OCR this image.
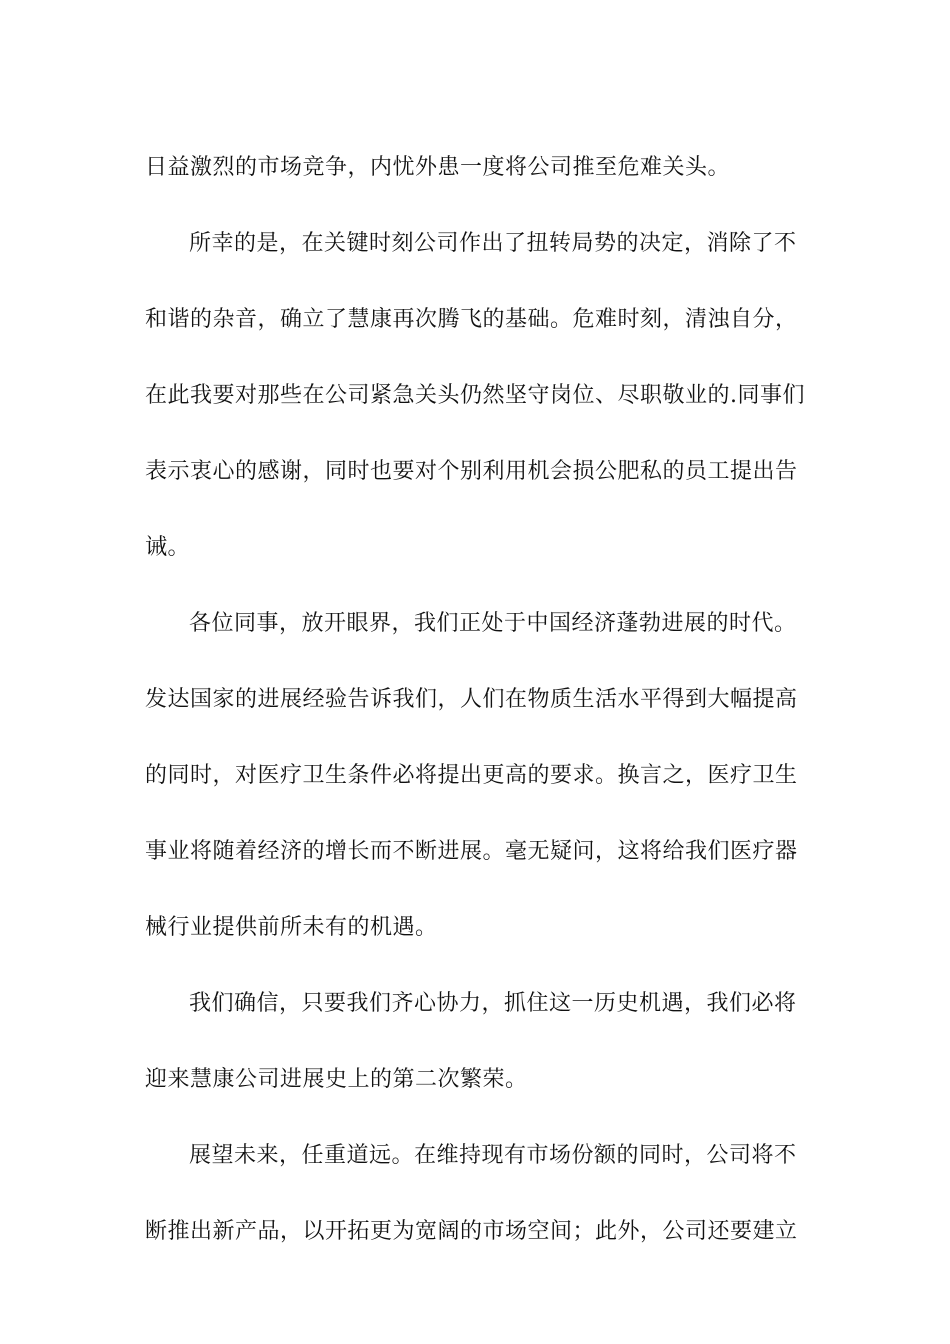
日益激烈的市场竞争，内忧外患一度将公司推至危难关头。
所幸的是，在关键时刻公司作出了扭转局势的决定，消除了不
和谐的杂音，确立了慧康再次腾飞的基础。危难时刻，清浊自分，
在此我要对那些在公司紧急关头仍然坚守岗位、尽职敬业的.同事们
表示衷心的感谢，同时也要对个别利用机会损公肥私的员工提出告
诫。
各位同事，放开眼界，我们正处于中国经济蓬勃进展的时代。
发达国家的进展经验告诉我们，人们在物质生活水平得到大幅提高
的同时，对医疗卫生条件必将提出更高的要求。换言之，医疗卫生
事业将随着经济的增长而不断进展。毫无疑问，这将给我们医疗器
械行业提供前所未有的机遇。
我们确信，只要我们齐心协力，抓住这一历史机遇，我们必将
迎来慧康公司进展史上的第二次繁荣。
展望未来，任重道远。在维持现有市场份额的同时，公司将不
断推出新产品，以开拓更为宽阔的市场空间；此外，公司还要建立
